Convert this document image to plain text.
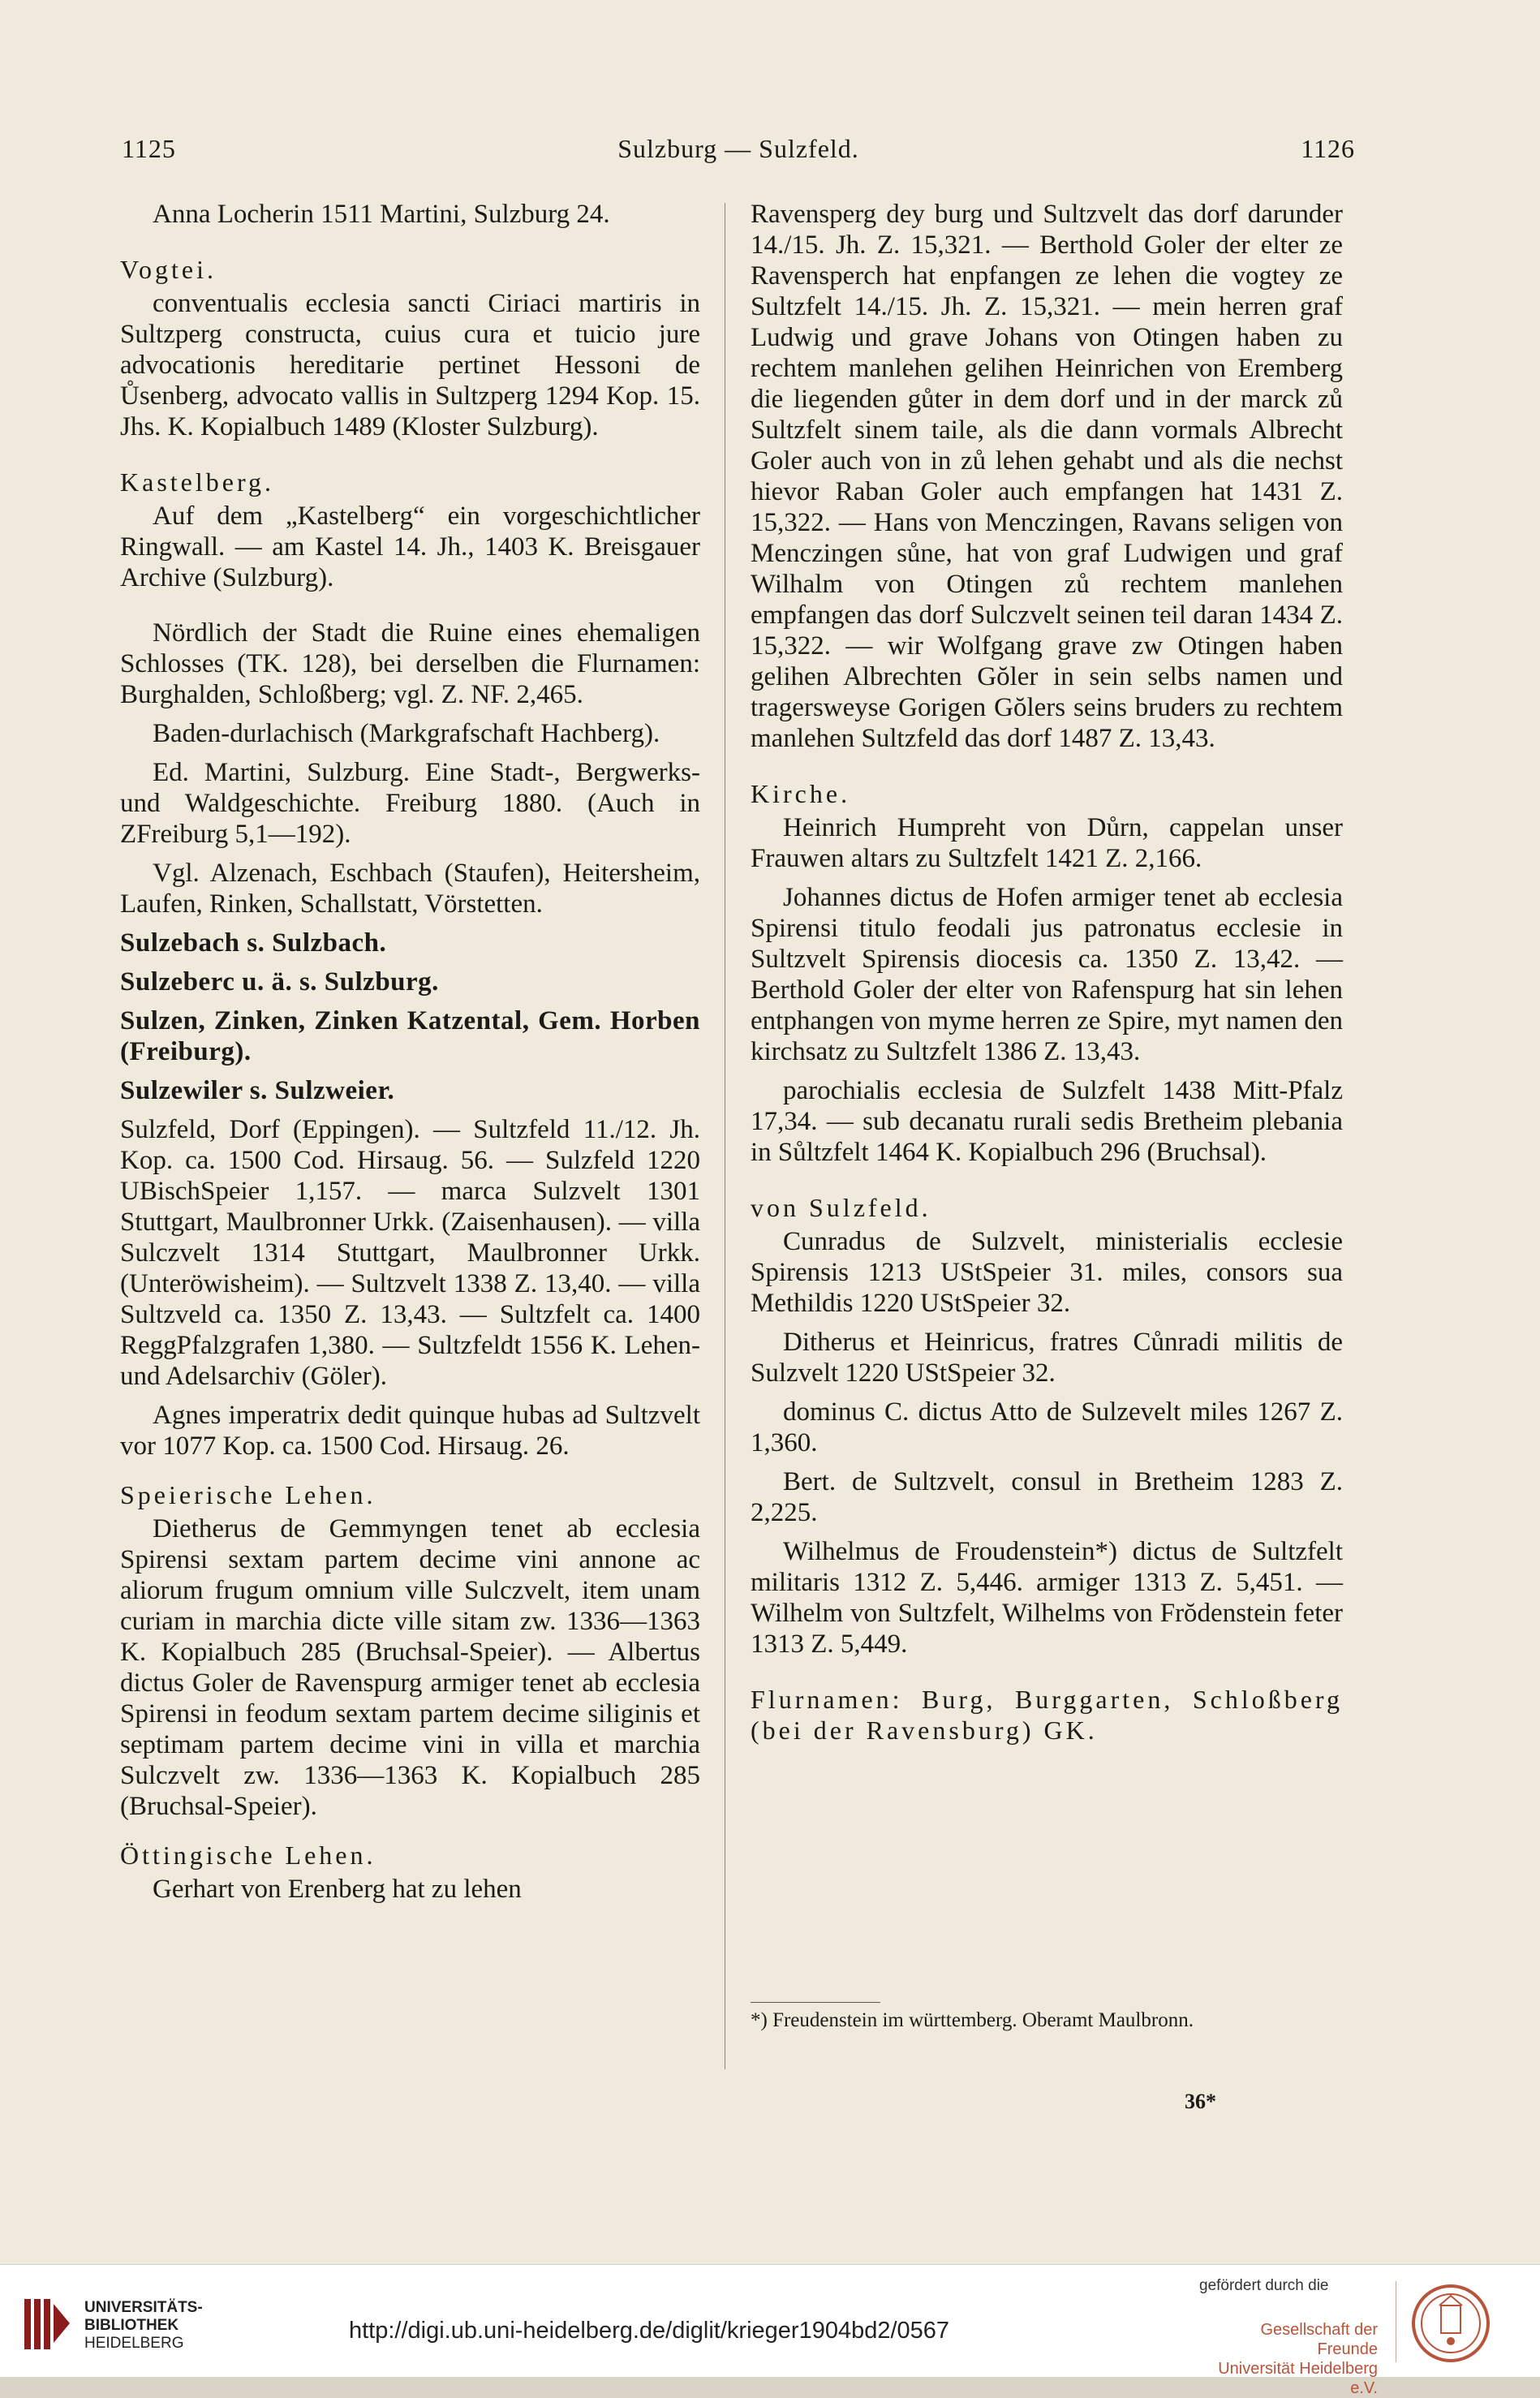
1125	Sulzburg — Sulzfeld.	1126

Anna Locherin 1511 Martini, Sulzburg 24.

Vogtei.

conventualis ecclesia sancti Ciriaci martiris in Sultzperg constructa, cuius cura et tuicio jure advocationis hereditarie pertinet Hessoni de Ůsenberg, advocato vallis in Sultzperg 1294 Kop. 15. Jhs. K. Kopialbuch 1489 (Kloster Sulzburg).

Kastelberg.

Auf dem „Kastelberg“ ein vorgeschichtlicher Ringwall. — am Kastel 14. Jh., 1403 K. Breisgauer Archive (Sulzburg).

Nördlich der Stadt die Ruine eines ehemaligen Schlosses (TK. 128), bei derselben die Flurnamen: Burghalden, Schloßberg; vgl. Z. NF. 2,465.

Baden-durlachisch (Markgrafschaft Hachberg).

Ed. Martini, Sulzburg. Eine Stadt-, Bergwerks- und Waldgeschichte. Freiburg 1880. (Auch in ZFreiburg 5,1—192).

Vgl. Alzenach, Eschbach (Staufen), Heitersheim, Laufen, Rinken, Schallstatt, Vörstetten.

Sulzebach s. Sulzbach.

Sulzeberc u. ä. s. Sulzburg.

Sulzen, Zinken, Zinken Katzental, Gem. Horben (Freiburg).

Sulzewiler s. Sulzweier.

Sulzfeld, Dorf (Eppingen). — Sultzfeld 11./12. Jh. Kop. ca. 1500 Cod. Hirsaug. 56. — Sulzfeld 1220 UBischSpeier 1,157. — marca Sulzvelt 1301 Stuttgart, Maulbronner Urkk. (Zaisenhausen). — villa Sulczvelt 1314 Stuttgart, Maulbronner Urkk. (Unteröwisheim). — Sultzvelt 1338 Z. 13,40. — villa Sultzveld ca. 1350 Z. 13,43. — Sultzfelt ca. 1400 ReggPfalzgrafen 1,380. — Sultzfeldt 1556 K. Lehen- und Adelsarchiv (Göler).

Agnes imperatrix dedit quinque hubas ad Sultzvelt vor 1077 Kop. ca. 1500 Cod. Hirsaug. 26.

Speierische Lehen.

Dietherus de Gemmyngen tenet ab ecclesia Spirensi sextam partem decime vini annone ac aliorum frugum omnium ville Sulczvelt, item unam curiam in marchia dicte ville sitam zw. 1336—1363 K. Kopialbuch 285 (Bruchsal-Speier). — Albertus dictus Goler de Ravenspurg armiger tenet ab ecclesia Spirensi in feodum sextam partem decime siliginis et septimam partem decime vini in villa et marchia Sulczvelt zw. 1336—1363 K. Kopialbuch 285 (Bruchsal-Speier).

Öttingische Lehen.

Gerhart von Erenberg hat zu lehen

Ravensperg dey burg und Sultzvelt das dorf darunder 14./15. Jh. Z. 15,321. — Berthold Goler der elter ze Ravensperch hat enpfangen ze lehen die vogtey ze Sultzfelt 14./15. Jh. Z. 15,321. — mein herren graf Ludwig und grave Johans von Otingen haben zu rechtem manlehen gelihen Heinrichen von Eremberg die liegenden gůter in dem dorf und in der marck zů Sultzfelt sinem taile, als die dann vormals Albrecht Goler auch von in zů lehen gehabt und als die nechst hievor Raban Goler auch empfangen hat 1431 Z. 15,322. — Hans von Menczingen, Ravans seligen von Menczingen sůne, hat von graf Ludwigen und graf Wilhalm von Otingen zů rechtem manlehen empfangen das dorf Sulczvelt seinen teil daran 1434 Z. 15,322. — wir Wolfgang grave zw Otingen haben gelihen Albrechten Gŏler in sein selbs namen und tragersweyse Gorigen Gŏlers seins bruders zu rechtem manlehen Sultzfeld das dorf 1487 Z. 13,43.

Kirche.

Heinrich Humpreht von Důrn, cappelan unser Frauwen altars zu Sultzfelt 1421 Z. 2,166.

Johannes dictus de Hofen armiger tenet ab ecclesia Spirensi titulo feodali jus patronatus ecclesie in Sultzvelt Spirensis diocesis ca. 1350 Z. 13,42. — Berthold Goler der elter von Rafenspurg hat sin lehen entphangen von myme herren ze Spire, myt namen den kirchsatz zu Sultzfelt 1386 Z. 13,43.

parochialis ecclesia de Sulzfelt 1438 Mitt-Pfalz 17,34. — sub decanatu rurali sedis Bretheim plebania in Sůltzfelt 1464 K. Kopialbuch 296 (Bruchsal).

von Sulzfeld.

Cunradus de Sulzvelt, ministerialis ecclesie Spirensis 1213 UStSpeier 31. miles, consors sua Methildis 1220 UStSpeier 32.

Ditherus et Heinricus, fratres Cůnradi militis de Sulzvelt 1220 UStSpeier 32.

dominus C. dictus Atto de Sulzevelt miles 1267 Z. 1,360.

Bert. de Sultzvelt, consul in Bretheim 1283 Z. 2,225.

Wilhelmus de Froudenstein*) dictus de Sultzfelt militaris 1312 Z. 5,446. armiger 1313 Z. 5,451. — Wilhelm von Sultzfelt, Wilhelms von Frŏdenstein feter 1313 Z. 5,449.

Flurnamen: Burg, Burggarten, Schloßberg (bei der Ravensburg) GK.

*) Freudenstein im württemberg. Oberamt Maulbronn.
36*
UNIVERSITÄTS-
BIBLIOTHEK
HEIDELBERG	http://digi.ub.uni-heidelberg.de/diglit/krieger1904bd2/0567
gefördert durch die
Gesellschaft der Freunde
Universität Heidelberg e.V.
